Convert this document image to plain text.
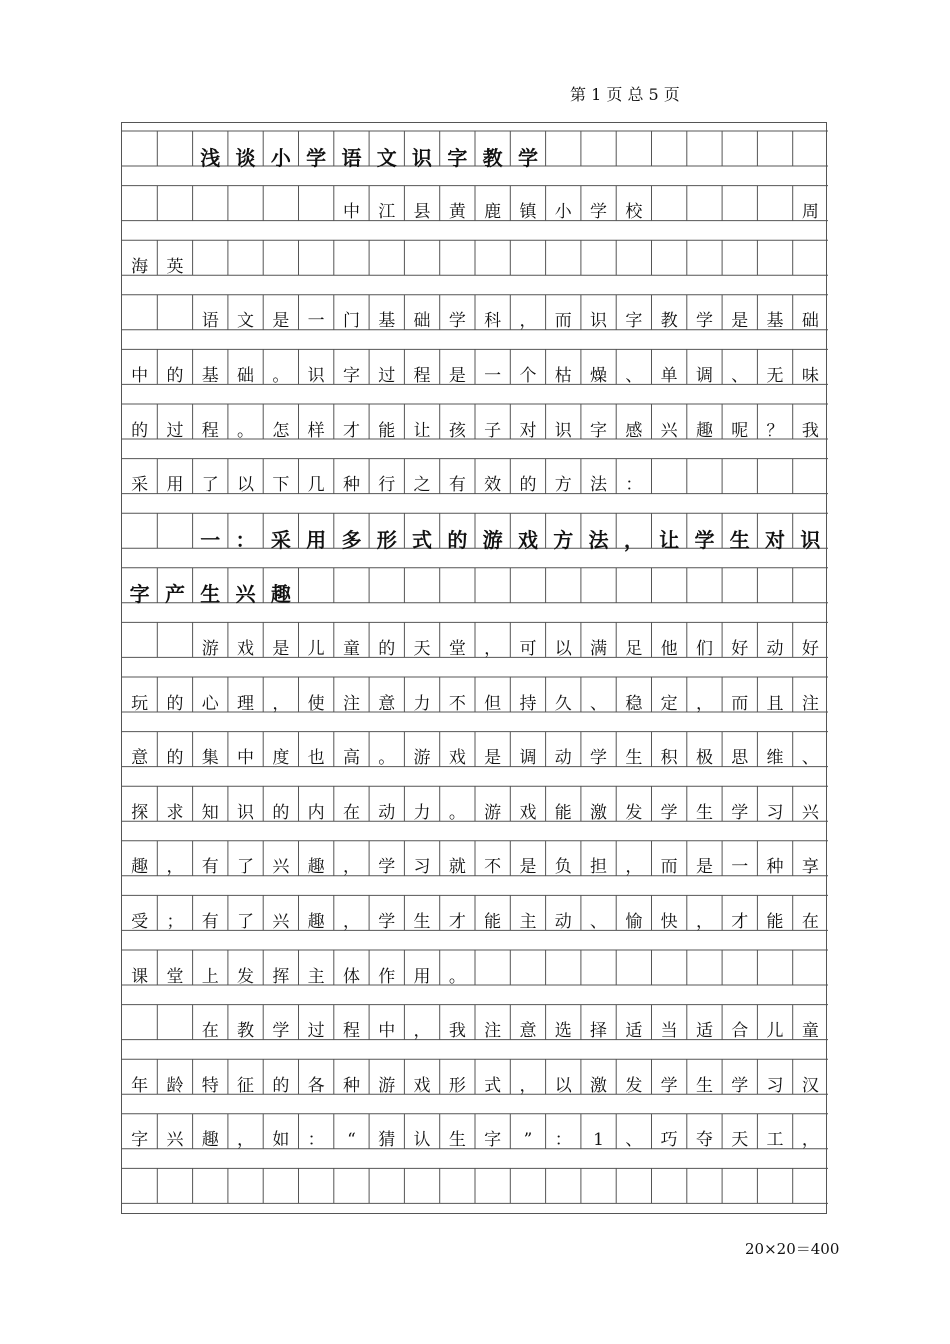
第 1 页 总 5 页
浅 谈 小 学 语 文 识 字 教 学
中	江	县	黄	鹿	镇	小	学	校	周
海	英
语	文	是	一	门	基	础	学	科	，	而	识	字	教	学	是	基	础
中	的	基	础	。	识	字	过	程	是	一	个	枯	燥	、	单	调	、	无	味
的	过	程	。	怎	样	才	能	让	孩	子	对	识	字	感	兴	趣	呢	？	我
采	用	了	以	下	几	种	行	之	有	效	的	方	法	：
一 ： 采 用 多 形 式 的 游 戏 方 法 ， 让 学 生 对 识
字 产 生 兴 趣
游	戏	是	儿	童	的	天	堂	，	可	以	满	足	他	们	好	动	好
玩	的	心	理	，	使	注	意	力	不	但	持	久	、	稳	定	，	而	且	注
意	的	集	中	度	也	高	。	游	戏	是	调	动	学	生	积	极	思	维	、
探	求	知	识	的	内	在	动	力	。	游	戏	能	激	发	学	生	学	习	兴
趣	，	有	了	兴	趣	，	学	习	就	不	是	负	担	，	而	是	一	种	享
受	；	有	了	兴	趣	，	学	生	才	能	主	动	、	愉	快	，	才	能	在
课	堂	上	发	挥	主	体	作	用	。
在	教	学	过	程	中	，	我	注	意	选	择	适	当	适	合	儿	童
年	龄	特	征	的	各	种	游	戏	形	式	，	以	激	发	学	生	学	习	汉
字	兴	趣	，	如	：	“	猜	认	生	字	”	：	1	、	巧	夺	天	工	，
20×20＝400
